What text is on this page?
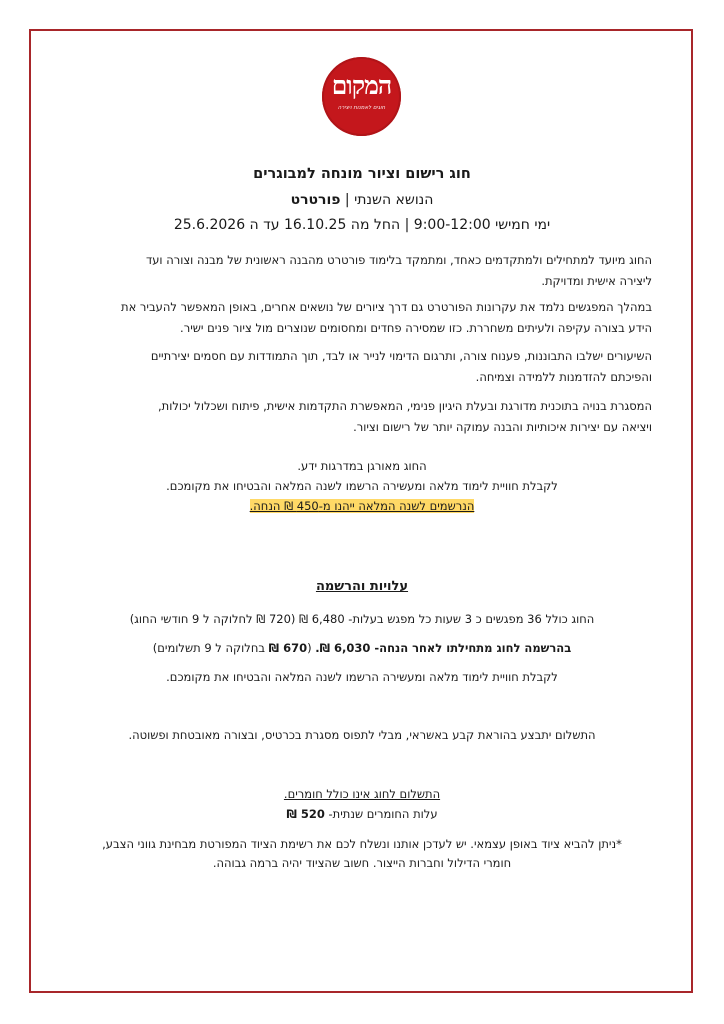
המקום
חוגים לאמנות ויצירה
חוג רישום וציור מונחה למבוגרים
הנושא השנתי | פורטרט
ימי חמישי 9:00-12:00 | החל מה 16.10.25 עד ה 25.6.2026
החוג מיועד למתחילים ולמתקדמים כאחד, ומתמקד בלימוד פורטרט מהבנה ראשונית של מבנה וצורה ועד
ליצירה אישית ומדויקת.
במהלך המפגשים נלמד את עקרונות הפורטרט גם דרך ציורים של נושאים אחרים, באופן המאפשר להעביר את
הידע בצורה עקיפה ולעיתים משחררת. כזו שמסירה פחדים ומחסומים שנוצרים מול ציור פנים ישיר.
השיעורים ישלבו התבוננות, פענוח צורה, ותרגום הדימוי לנייר או לבד, תוך התמודדות עם חסמים יצירתיים
והפיכתם להזדמנות ללמידה וצמיחה.
המסגרת בנויה בתוכנית מדורגת ובעלת היגיון פנימי, המאפשרת התקדמות אישית, פיתוח ושכלול יכולות,
ויציאה עם יצירות איכותיות והבנה עמוקה יותר של רישום וציור.
החוג מאורגן במדרגות ידע.
לקבלת חוויית לימוד מלאה ומעשירה הרשמו לשנה המלאה והבטיחו את מקומכם.
הנרשמים לשנה המלאה ייהנו מ-450 ₪ הנחה.
עלויות והרשמה
החוג כולל 36 מפגשים כ 3 שעות כל מפגש בעלות- 6,480 ₪ (720 ₪ לחלוקה ל 9 חודשי החוג)
בהרשמה לחוג מתחילתו לאחר הנחה- 6,030 ₪. (670 ₪ בחלוקה ל 9 תשלומים)
לקבלת חוויית לימוד מלאה ומעשירה הרשמו לשנה המלאה והבטיחו את מקומכם.
התשלום יתבצע בהוראת קבע באשראי, מבלי לתפוס מסגרת בכרטיס, ובצורה מאובטחת ופשוטה.
התשלום לחוג אינו כולל חומרים.
עלות החומרים שנתית- 520 ₪
*ניתן להביא ציוד באופן עצמאי. יש לעדכן אותנו ונשלח לכם את רשימת הציוד המפורטת מבחינת גווני הצבע,
חומרי הדילול וחברות הייצור. חשוב שהציוד יהיה ברמה גבוהה.
